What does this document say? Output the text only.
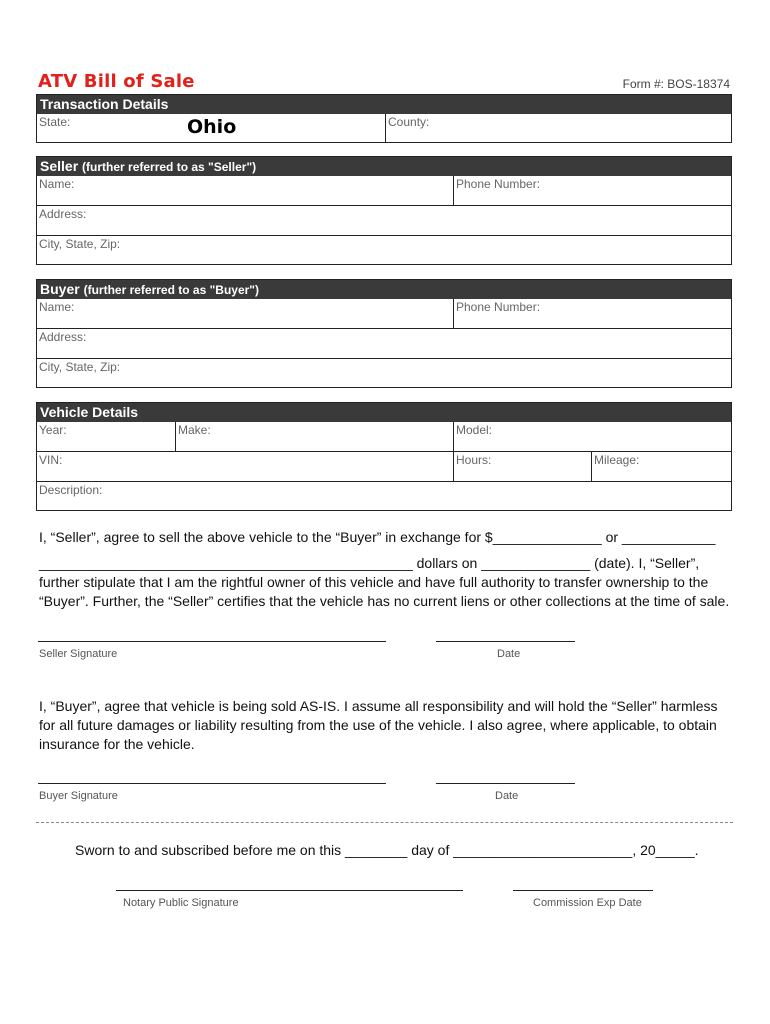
ATV Bill of Sale	Form #: BOS-18374
Transaction Details
State:	Ohio	County:
Seller (further referred to as "Seller")
Name:	Phone Number:
Address:
City, State, Zip:
Buyer (further referred to as "Buyer")
Name:	Phone Number:
Address:
City, State, Zip:
Vehicle Details
Year:	Make:	Model:
VIN:	Hours:	Mileage:
Description:
I, “Seller”, agree to sell the above vehicle to the “Buyer” in exchange for $______________ or ____________
________________________________________________ dollars on ______________ (date). I, “Seller”,
further stipulate that I am the rightful owner of this vehicle and have full authority to transfer ownership to the
“Buyer”. Further, the “Seller” certifies that the vehicle has no current liens or other collections at the time of sale.
Seller Signature	Date
I, “Buyer”, agree that vehicle is being sold AS-IS. I assume all responsibility and will hold the “Seller” harmless
for all future damages or liability resulting from the use of the vehicle. I also agree, where applicable, to obtain
insurance for the vehicle.
Buyer Signature	Date
Sworn to and subscribed before me on this ________ day of _______________________, 20_____.
Notary Public Signature	Commission Exp Date
